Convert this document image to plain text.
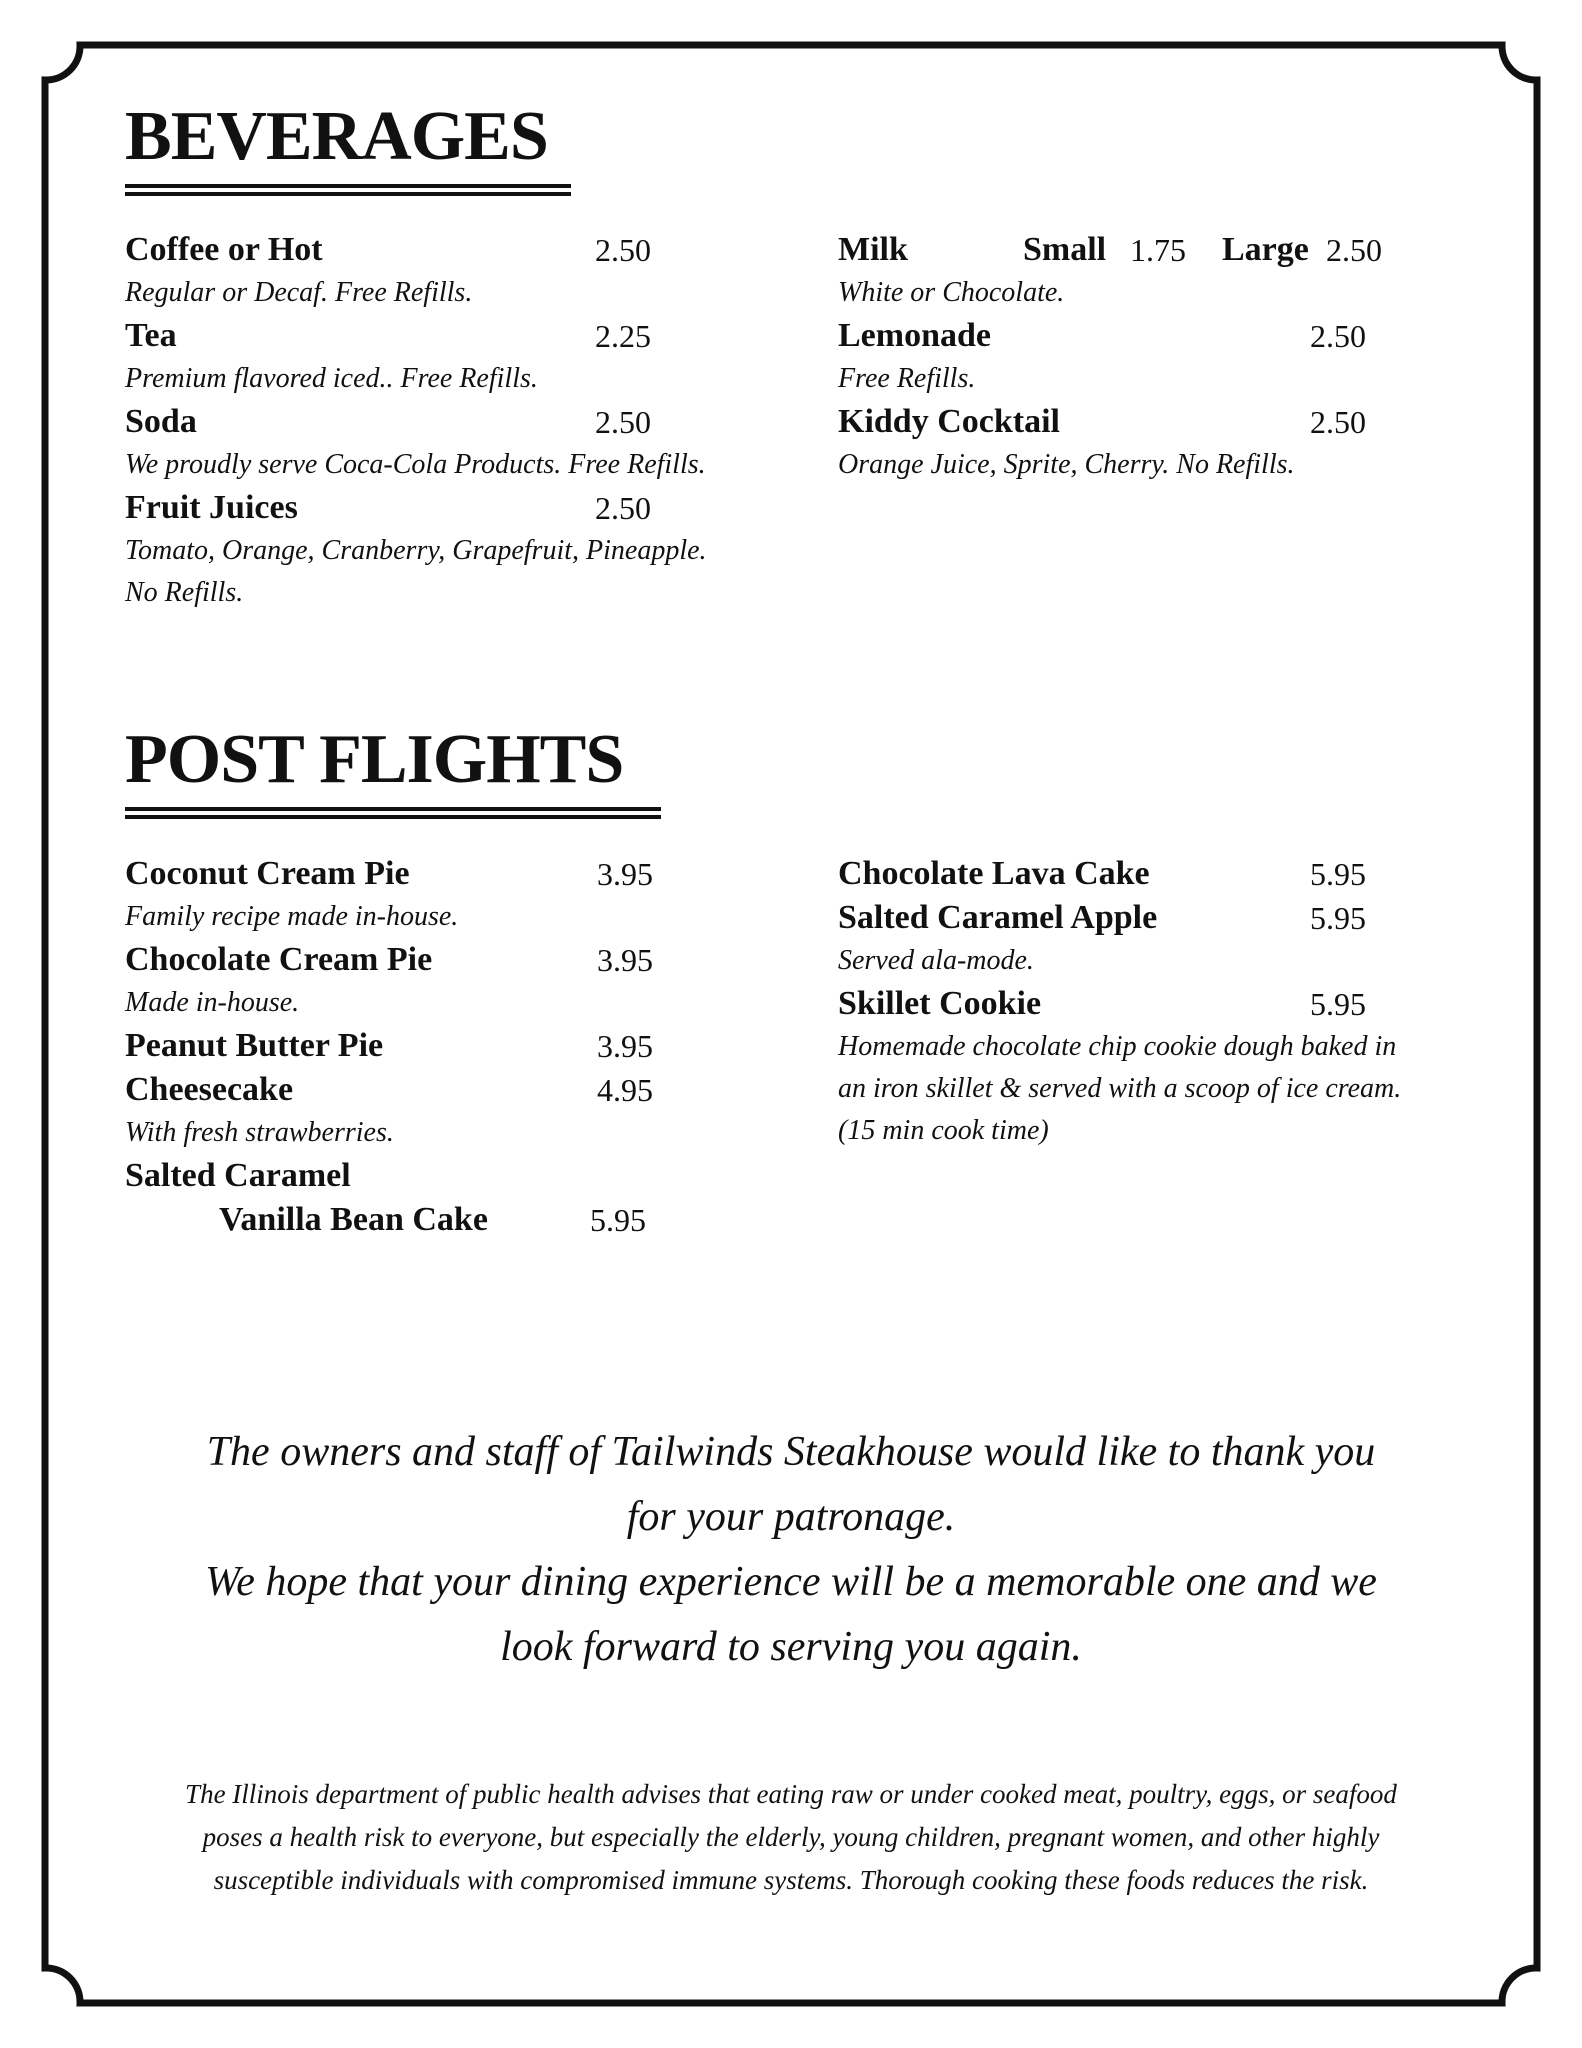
BEVERAGES
Coffee or Hot	2.50
Regular or Decaf. Free Refills.
Tea	2.25
Premium flavored iced.. Free Refills.
Soda	2.50
We proudly serve Coca-Cola Products. Free Refills.
Fruit Juices	2.50
Tomato, Orange, Cranberry, Grapefruit, Pineapple.
No Refills.
Milk	Small 1.75 Large 2.50
White or Chocolate.
Lemonade	2.50
Free Refills.
Kiddy Cocktail	2.50
Orange Juice, Sprite, Cherry. No Refills.
POST FLIGHTS
Coconut Cream Pie	3.95
Family recipe made in-house.
Chocolate Cream Pie	3.95
Made in-house.
Peanut Butter Pie	3.95
Cheesecake	4.95
With fresh strawberries.
Salted Caramel
Vanilla Bean Cake	5.95
Chocolate Lava Cake	5.95
Salted Caramel Apple	5.95
Served ala-mode.
Skillet Cookie	5.95
Homemade chocolate chip cookie dough baked in
an iron skillet & served with a scoop of ice cream.
(15 min cook time)
The owners and staff of Tailwinds Steakhouse would like to thank you
for your patronage.
We hope that your dining experience will be a memorable one and we
look forward to serving you again.
The Illinois department of public health advises that eating raw or under cooked meat, poultry, eggs, or seafood
poses a health risk to everyone, but especially the elderly, young children, pregnant women, and other highly
susceptible individuals with compromised immune systems. Thorough cooking these foods reduces the risk.
